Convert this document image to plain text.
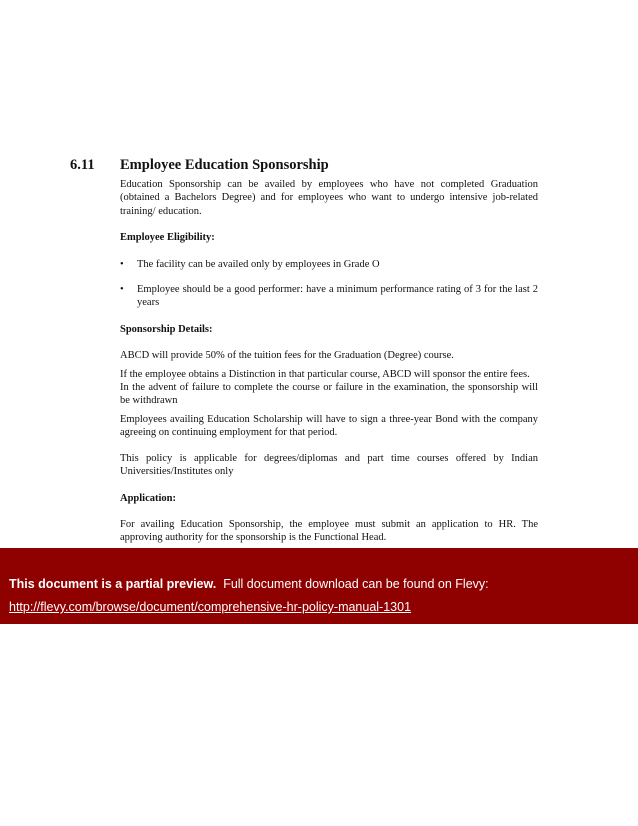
6.11 Employee Education Sponsorship

Education Sponsorship can be availed by employees who have not completed Graduation (obtained a Bachelors Degree) and for employees who want to undergo intensive job-related training/ education.

Employee Eligibility:

• The facility can be availed only by employees in Grade O
• Employee should be a good performer: have a minimum performance rating of 3 for the last 2 years

Sponsorship Details:

ABCD will provide 50% of the tuition fees for the Graduation (Degree) course.

If the employee obtains a Distinction in that particular course, ABCD will sponsor the entire fees.

In the advent of failure to complete the course or failure in the examination, the sponsorship will be withdrawn

Employees availing Education Scholarship will have to sign a three-year Bond with the company agreeing on continuing employment for that period.

This policy is applicable for degrees/diplomas and part time courses offered by Indian Universities/Institutes only

Application:

For availing Education Sponsorship, the employee must submit an application to HR. The approving authority for the sponsorship is the Functional Head.

This document is a partial preview. Full document download can be found on Flevy:
http://flevy.com/browse/document/comprehensive-hr-policy-manual-1301
